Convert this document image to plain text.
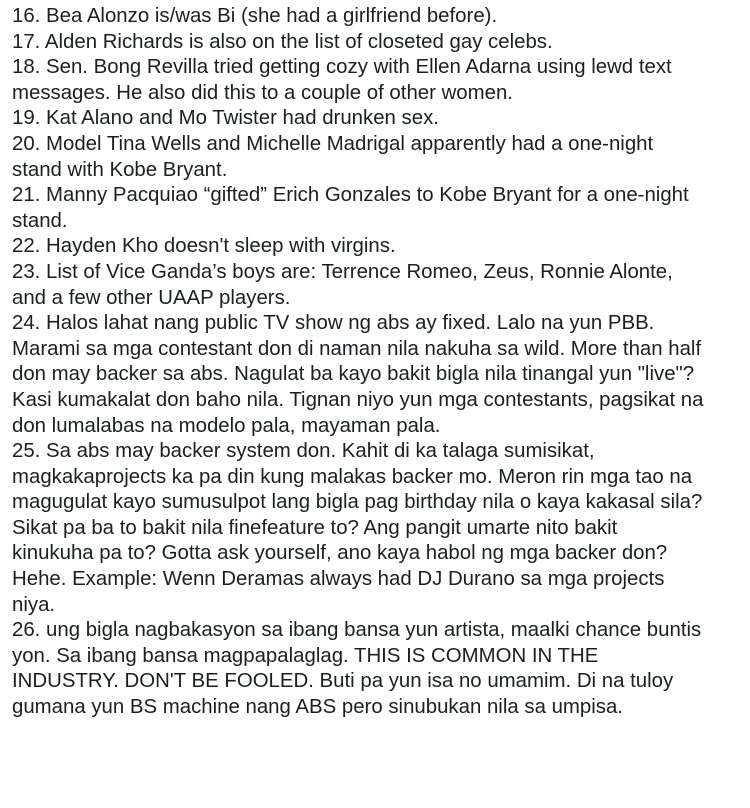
16. Bea Alonzo is/was Bi (she had a girlfriend before).
17. Alden Richards is also on the list of closeted gay celebs.
18. Sen. Bong Revilla tried getting cozy with Ellen Adarna using lewd text
messages. He also did this to a couple of other women.
19. Kat Alano and Mo Twister had drunken sex.
20. Model Tina Wells and Michelle Madrigal apparently had a one-night
stand with Kobe Bryant.
21. Manny Pacquiao “gifted” Erich Gonzales to Kobe Bryant for a one-night
stand.
22. Hayden Kho doesn't sleep with virgins.
23. List of Vice Ganda’s boys are: Terrence Romeo, Zeus, Ronnie Alonte,
and a few other UAAP players.
24. Halos lahat nang public TV show ng abs ay fixed. Lalo na yun PBB.
Marami sa mga contestant don di naman nila nakuha sa wild. More than half
don may backer sa abs. Nagulat ba kayo bakit bigla nila tinangal yun "live"?
Kasi kumakalat don baho nila. Tignan niyo yun mga contestants, pagsikat na
don lumalabas na modelo pala, mayaman pala.
25. Sa abs may backer system don. Kahit di ka talaga sumisikat,
magkakaprojects ka pa din kung malakas backer mo. Meron rin mga tao na
magugulat kayo sumusulpot lang bigla pag birthday nila o kaya kakasal sila?
Sikat pa ba to bakit nila finefeature to? Ang pangit umarte nito bakit
kinukuha pa to? Gotta ask yourself, ano kaya habol ng mga backer don?
Hehe. Example: Wenn Deramas always had DJ Durano sa mga projects
niya.
26. ung bigla nagbakasyon sa ibang bansa yun artista, maalki chance buntis
yon. Sa ibang bansa magpapalaglag. THIS IS COMMON IN THE
INDUSTRY. DON'T BE FOOLED. Buti pa yun isa no umamim. Di na tuloy
gumana yun BS machine nang ABS pero sinubukan nila sa umpisa.
